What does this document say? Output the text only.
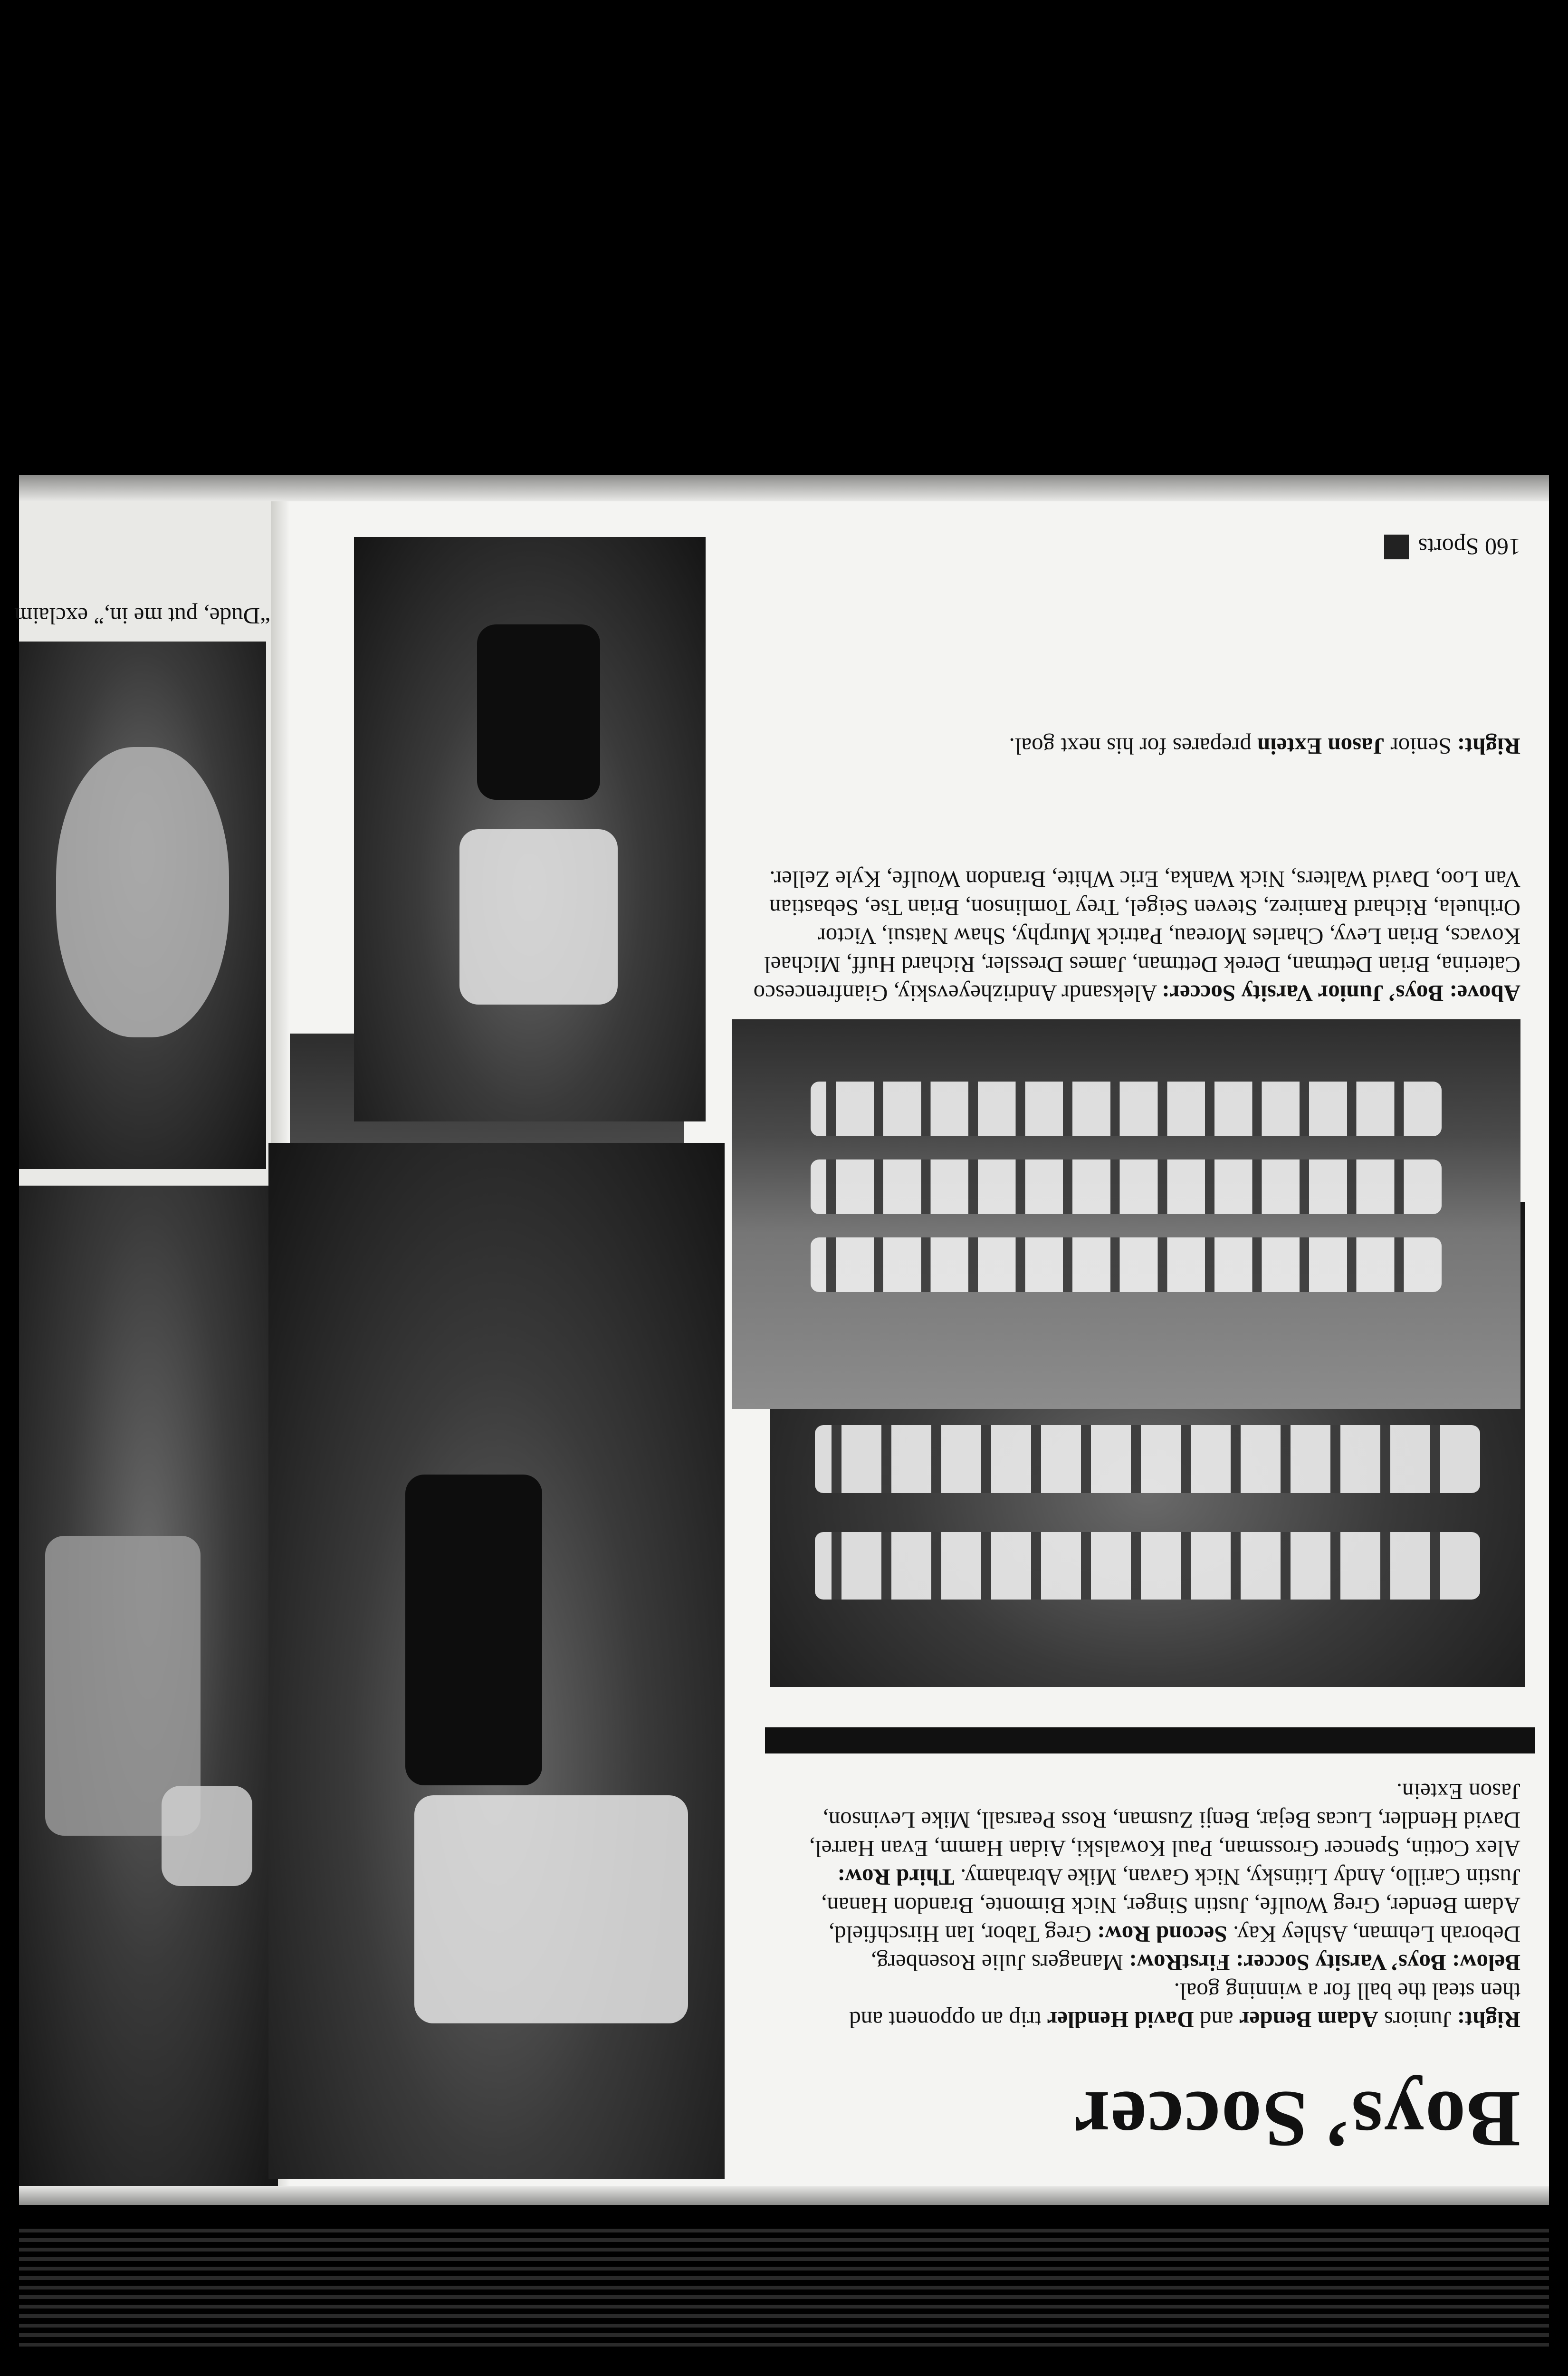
“Dude, put me in,” exclaim
Boys’ Soccer
Right: Juniors Adam Bender and David Hendler trip an opponent and then steal the ball for a winning goal.
Below: Boys’ Varsity Soccer: FirstRow: Managers Julie Rosenberg, Deborah Lehman, Ashley Kay. Second Row: Greg Tabor, Ian Hirschfield, Adam Bender, Greg Woulfe, Justin Singer, Nick Bimonte, Brandon Hanan, Justin Carillo, Andy Litinsky, Nick Gavan, Mike Abrahamy. Third Row: Alex Cottin, Spencer Grossman, Paul Kowalski, Aidan Hamm, Evan Harrel, David Hendler, Lucas Bejar, Benji Zusman, Ross Pearsall, Mike Levinson, Jason Extein.
Above: Boys’ Junior Varsity Soccer: Aleksandr Andrizheyevskiy, Gianfrencesco Caterina, Brian Dettman, Derek Dettman, James Dressler, Richard Huff, Michael Kovacs, Brian Levy, Charles Moreau, Patrick Murphy, Shaw Natsui, Victor Orihuela, Richard Ramirez, Steven Seigel, Trey Tomlinson, Brian Tse, Sebastian Van Loo, David Walters, Nick Wanka, Eric White, Brandon Woulfe, Kyle Zeller.
Right: Senior Jason Extein prepares for his next goal.
160 Sports
